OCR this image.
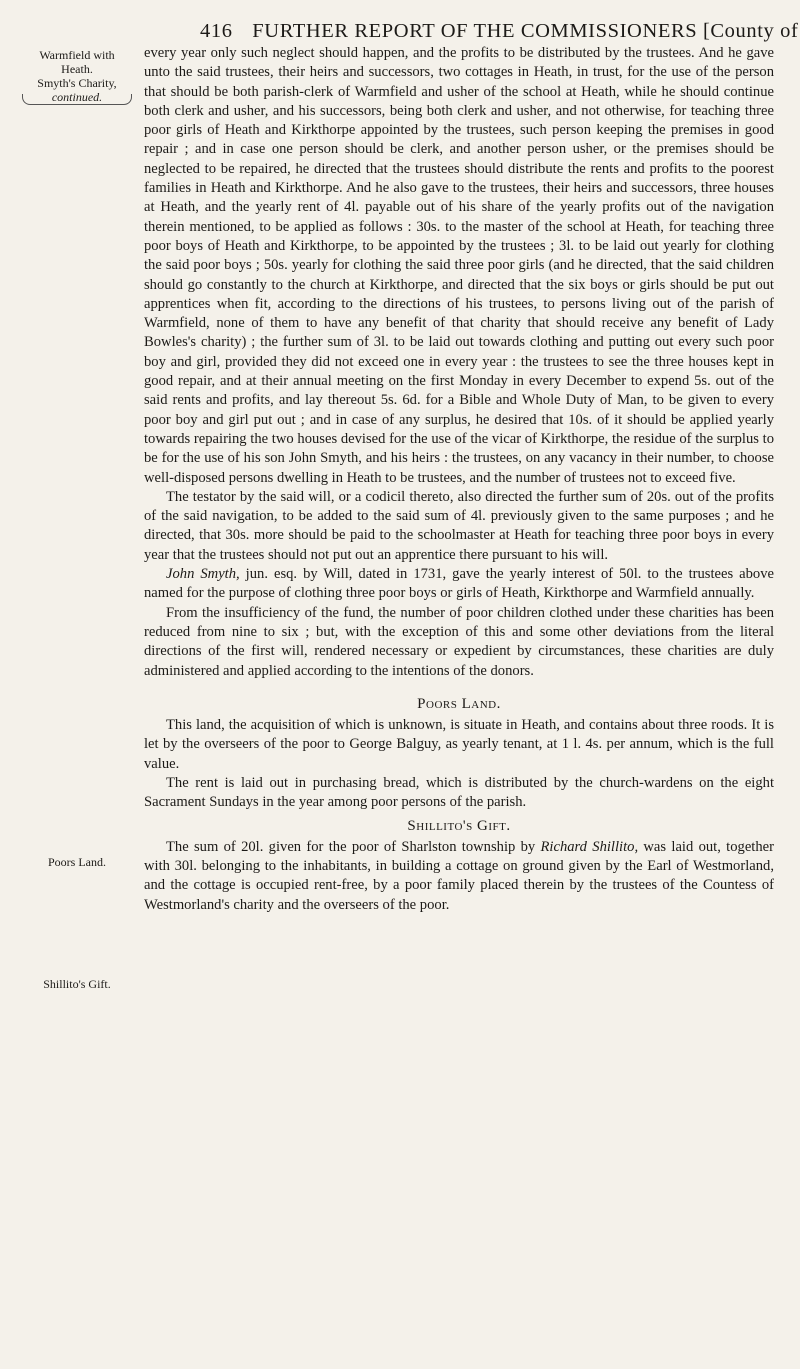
416 FURTHER REPORT OF THE COMMISSIONERS [County of
Warmfield with
Heath.
Smyth's Charity,
continued.
Poors Land.
Shillito's Gift.

every year only such neglect should happen, and the profits to be distributed by the trustees. And he gave unto the said trustees, their heirs and successors, two cottages in Heath, in trust, for the use of the person that should be both parish-clerk of Warmfield and usher of the school at Heath, while he should continue both clerk and usher, and his successors, being both clerk and usher, and not otherwise, for teaching three poor girls of Heath and Kirkthorpe appointed by the trustees, such person keeping the premises in good repair ; and in case one person should be clerk, and another person usher, or the premises should be neglected to be repaired, he directed that the trustees should distribute the rents and profits to the poorest families in Heath and Kirkthorpe. And he also gave to the trustees, their heirs and successors, three houses at Heath, and the yearly rent of 4l. payable out of his share of the yearly profits out of the navigation therein mentioned, to be applied as follows : 30s. to the master of the school at Heath, for teaching three poor boys of Heath and Kirkthorpe, to be appointed by the trustees ; 3l. to be laid out yearly for clothing the said poor boys ; 50s. yearly for clothing the said three poor girls (and he directed, that the said children should go constantly to the church at Kirkthorpe, and directed that the six boys or girls should be put out apprentices when fit, according to the directions of his trustees, to persons living out of the parish of Warmfield, none of them to have any benefit of that charity that should receive any benefit of Lady Bowles's charity) ; the further sum of 3l. to be laid out towards clothing and putting out every such poor boy and girl, provided they did not exceed one in every year : the trustees to see the three houses kept in good repair, and at their annual meeting on the first Monday in every December to expend 5s. out of the said rents and profits, and lay thereout 5s. 6d. for a Bible and Whole Duty of Man, to be given to every poor boy and girl put out ; and in case of any surplus, he desired that 10s. of it should be applied yearly towards repairing the two houses devised for the use of the vicar of Kirkthorpe, the residue of the surplus to be for the use of his son John Smyth, and his heirs : the trustees, on any vacancy in their number, to choose well-disposed persons dwelling in Heath to be trustees, and the number of trustees not to exceed five.

The testator by the said will, or a codicil thereto, also directed the further sum of 20s. out of the profits of the said navigation, to be added to the said sum of 4l. previously given to the same purposes ; and he directed, that 30s. more should be paid to the schoolmaster at Heath for teaching three poor boys in every year that the trustees should not put out an apprentice there pursuant to his will.

John Smyth, jun. esq. by Will, dated in 1731, gave the yearly interest of 50l. to the trustees above named for the purpose of clothing three poor boys or girls of Heath, Kirkthorpe and Warmfield annually.

From the insufficiency of the fund, the number of poor children clothed under these charities has been reduced from nine to six ; but, with the exception of this and some other deviations from the literal directions of the first will, rendered necessary or expedient by circumstances, these charities are duly administered and applied according to the intentions of the donors.

Poors Land.

This land, the acquisition of which is unknown, is situate in Heath, and contains about three roods. It is let by the overseers of the poor to George Balguy, as yearly tenant, at 1 l. 4s. per annum, which is the full value.

The rent is laid out in purchasing bread, which is distributed by the church-wardens on the eight Sacrament Sundays in the year among poor persons of the parish.

Shillito's Gift.

The sum of 20l. given for the poor of Sharlston township by Richard Shillito, was laid out, together with 30l. belonging to the inhabitants, in building a cottage on ground given by the Earl of Westmorland, and the cottage is occupied rent-free, by a poor family placed therein by the trustees of the Countess of Westmorland's charity and the overseers of the poor.
